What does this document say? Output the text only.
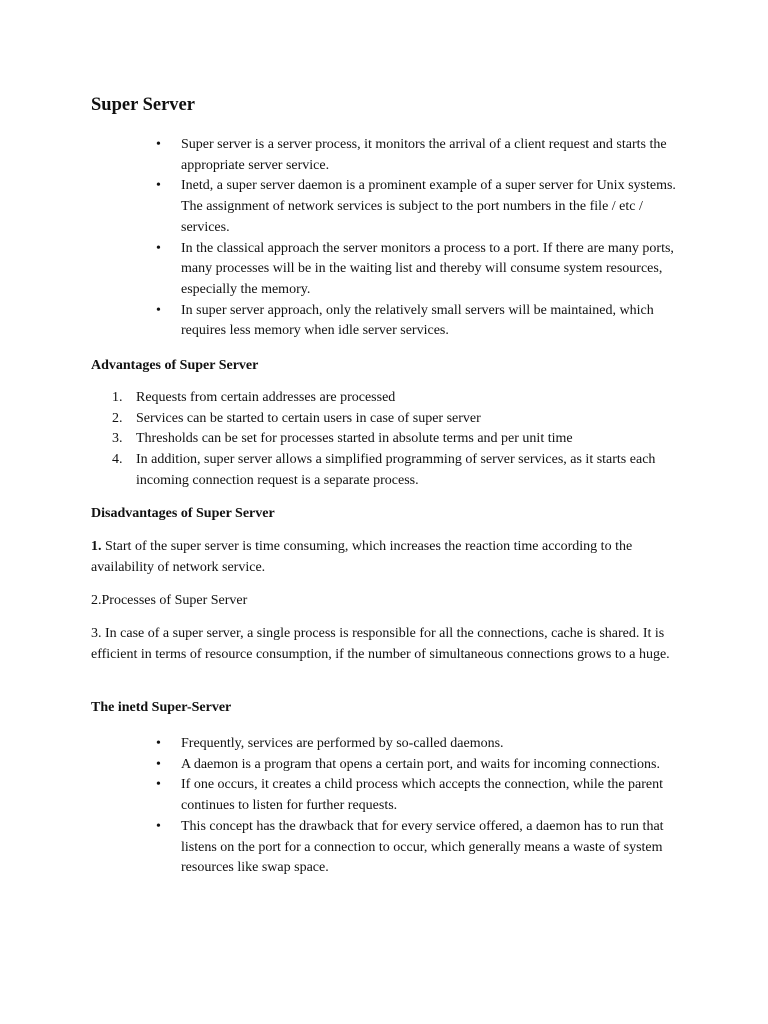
Super Server
• Super server is a server process, it monitors the arrival of a client request and starts the appropriate server service.
• Inetd, a super server daemon is a prominent example of a super server for Unix systems. The assignment of network services is subject to the port numbers in the file / etc / services.
• In the classical approach the server monitors a process to a port. If there are many ports, many processes will be in the waiting list and thereby will consume system resources, especially the memory.
• In super server approach, only the relatively small servers will be maintained, which requires less memory when idle server services.
Advantages of Super Server
1. Requests from certain addresses are processed
2. Services can be started to certain users in case of super server
3. Thresholds can be set for processes started in absolute terms and per unit time
4. In addition, super server allows a simplified programming of server services, as it starts each incoming connection request is a separate process.
Disadvantages of Super Server

1. Start of the super server is time consuming, which increases the reaction time according to the availability of network service.

2.Processes of Super Server

3. In case of a super server, a single process is responsible for all the connections, cache is shared. It is efficient in terms of resource consumption, if the number of simultaneous connections grows to a huge.

The inetd Super-Server
• Frequently, services are performed by so-called daemons.
• A daemon is a program that opens a certain port, and waits for incoming connections.
• If one occurs, it creates a child process which accepts the connection, while the parent continues to listen for further requests.
• This concept has the drawback that for every service offered, a daemon has to run that listens on the port for a connection to occur, which generally means a waste of system resources like swap space.
